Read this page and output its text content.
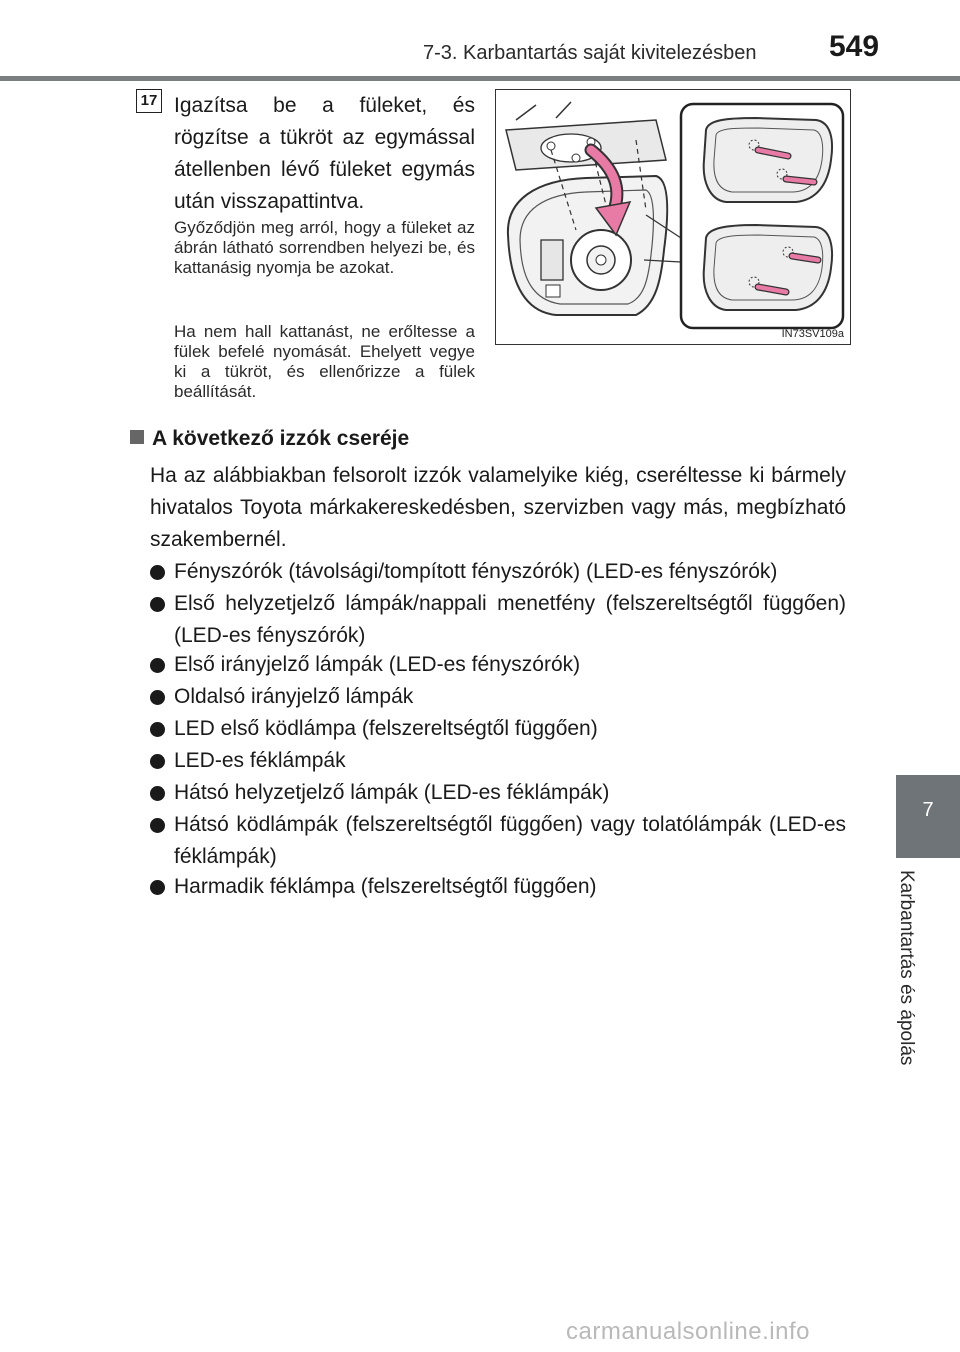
7-3. Karbantartás saját kivitelezésben 549
7
Karbantartás és ápolás
17 Igazítsa be a füleket, és rögzítse a tükröt az egymással átellenben lévő füleket egymás után visszapattintva.
Győződjön meg arról, hogy a füleket az ábrán látható sorrendben helyezi be, és kattanásig nyomja be azokat.
Ha nem hall kattanást, ne erőltesse a fülek befelé nyomását. Ehelyett vegye ki a tükröt, és ellenőrizze a fülek beállítását.
IN73SV109a
A következő izzók cseréje
Ha az alábbiakban felsorolt izzók valamelyike kiég, cseréltesse ki bármely hivatalos Toyota márkakereskedésben, szervizben vagy más, megbízható szakembernél.
Fényszórók (távolsági/tompított fényszórók) (LED-es fényszórók)
Első helyzetjelző lámpák/nappali menetfény (felszereltségtől függően) (LED-es fényszórók)
Első irányjelző lámpák (LED-es fényszórók)
Oldalsó irányjelző lámpák
LED első ködlámpa (felszereltségtől függően)
LED-es féklámpák
Hátsó helyzetjelző lámpák (LED-es féklámpák)
Hátsó ködlámpák (felszereltségtől függően) vagy tolatólámpák (LED-es féklámpák)
Harmadik féklámpa (felszereltségtől függően)
carmanualsonline.info
